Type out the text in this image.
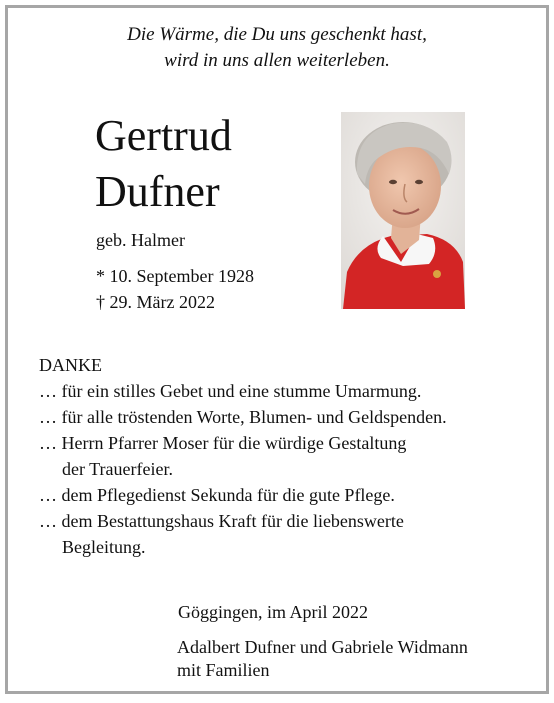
Die Wärme, die Du uns geschenkt hast,
wird in uns allen weiterleben.
Gertrud
Dufner
geb. Halmer
* 10. September 1928
† 29. März 2022
DANKE
… für ein stilles Gebet und eine stumme Umarmung.
… für alle tröstenden Worte, Blumen- und Geldspenden.
… Herrn Pfarrer Moser für die würdige Gestaltung
der Trauerfeier.
… dem Pflegedienst Sekunda für die gute Pflege.
… dem Bestattungshaus Kraft für die liebenswerte
Begleitung.
Göggingen, im April 2022
Adalbert Dufner und Gabriele Widmann
mit Familien
